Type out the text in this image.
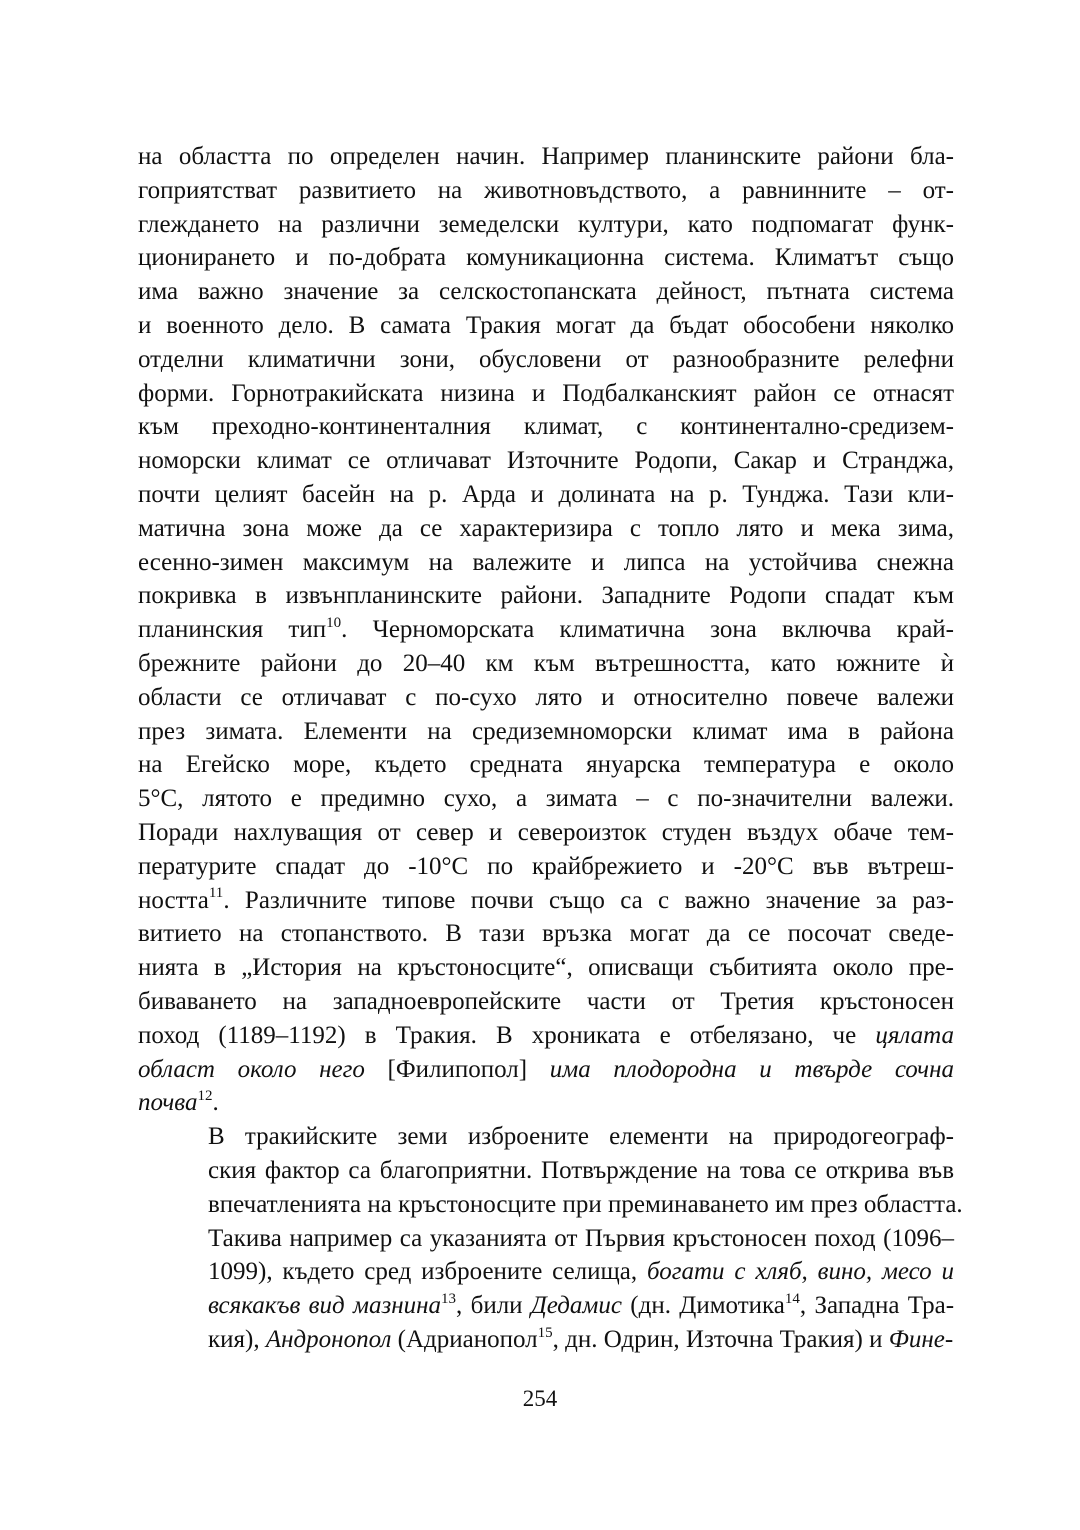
на областта по определен начин. Например планинските райони бла-
гоприятстват развитието на животновъдството, а равнинните – от-
глеждането на различни земеделски култури, като подпомагат функ-
ционирането и по-добрата комуникационна система. Климатът също
има важно значение за селскостопанската дейност, пътната система
и военното дело. В самата Тракия могат да бъдат обособени няколко
отделни климатични зони, обусловени от разнообразните релефни
форми. Горнотракийската низина и Подбалканският район се отнасят
към преходно-континенталния климат, с континентално-средизем-
номорски климат се отличават Източните Родопи, Сакар и Странджа,
почти целият басейн на р. Арда и долината на р. Тунджа. Тази кли-
матична зона може да се характеризира с топло лято и мека зима,
есенно-зимен максимум на валежите и липса на устойчива снежна
покривка в извънпланинските райони. Западните Родопи спадат към
планинския тип$^{10}$. Черноморската климатична зона включва край-
брежните райони до 20–40 км към вътрешността, като южните ѝ
области се отличават с по-сухо лято и относително повече валежи
през зимата. Елементи на средиземноморски климат има в района
на Егейско море, където средната януарска температура е около
5°C, лятото е предимно сухо, а зимата – с по-значителни валежи.
Поради нахлуващия от север и североизток студен въздух обаче тем-
пературите спадат до -10°C по крайбрежието и -20°C във вътреш-
ността$^{11}$. Различните типове почви също са с важно значение за раз-
витието на стопанството. В тази връзка могат да се посочат сведе-
нията в „История на кръстоносците“, описващи събитията около пре-
биваването на западноевропейските части от Третия кръстоносен
поход (1189–1192) в Тракия. В хрониката е отбелязано, че цялата
област около него [Филипопол] има плодородна и твърде сочна
почва$^{12}$.
В тракийските земи изброените елементи на природогеограф-
ския фактор са благоприятни. Потвърждение на това се открива във
впечатленията на кръстоносците при преминаването им през областта.
Такива например са указанията от Първия кръстоносен поход (1096–
1099), където сред изброените селища, богати с хляб, вино, месо и
всякакъв вид мазнина$^{13}$, били Дедамис (дн. Димотика$^{14}$, Западна Тра-
кия), Андронопол (Адрианопол$^{15}$, дн. Одрин, Източна Тракия) и Фине-
254
